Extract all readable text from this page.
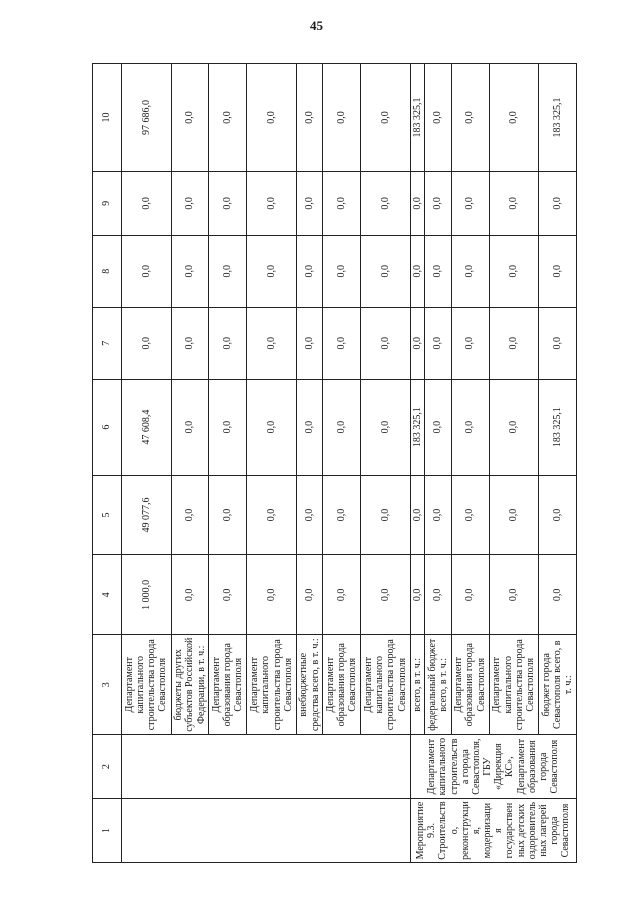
45
1	2	3	4	5	6	7	8	9	10
		Департамент капитального строительства города Севастополя	1 000,0	49 077,6	47 608,4	0,0	0,0	0,0	97 686,0
		бюджеты других субъектов Российской Федерации, в т. ч.:	0,0	0,0	0,0	0,0	0,0	0,0	0,0
		Департамент образования города Севастополя	0,0	0,0	0,0	0,0	0,0	0,0	0,0
		Департамент капитального строительства города Севастополя	0,0	0,0	0,0	0,0	0,0	0,0	0,0
		внебюджетные средства всего, в т. ч.:	0,0	0,0	0,0	0,0	0,0	0,0	0,0
		Департамент образования города Севастополя	0,0	0,0	0,0	0,0	0,0	0,0	0,0
		Департамент капитального строительства города Севастополя	0,0	0,0	0,0	0,0	0,0	0,0	0,0
Мероприятие 9.3. Строительство, реконструкция, модернизация государственных детских оздоровительных лагерей города Севастополя	Департамент капитального строительства города Севастополя, ГБУ «Дирекция КС», Департамент образования города Севастополя	всего, в т. ч.:	0,0	0,0	183 325,1	0,0	0,0	0,0	183 325,1
		федеральный бюджет всего, в т. ч.:	0,0	0,0	0,0	0,0	0,0	0,0	0,0
		Департамент образования города Севастополя	0,0	0,0	0,0	0,0	0,0	0,0	0,0
		Департамент капитального строительства города Севастополя	0,0	0,0	0,0	0,0	0,0	0,0	0,0
		бюджет города Севастополя всего, в т. ч.:	0,0	0,0	183 325,1	0,0	0,0	0,0	183 325,1
